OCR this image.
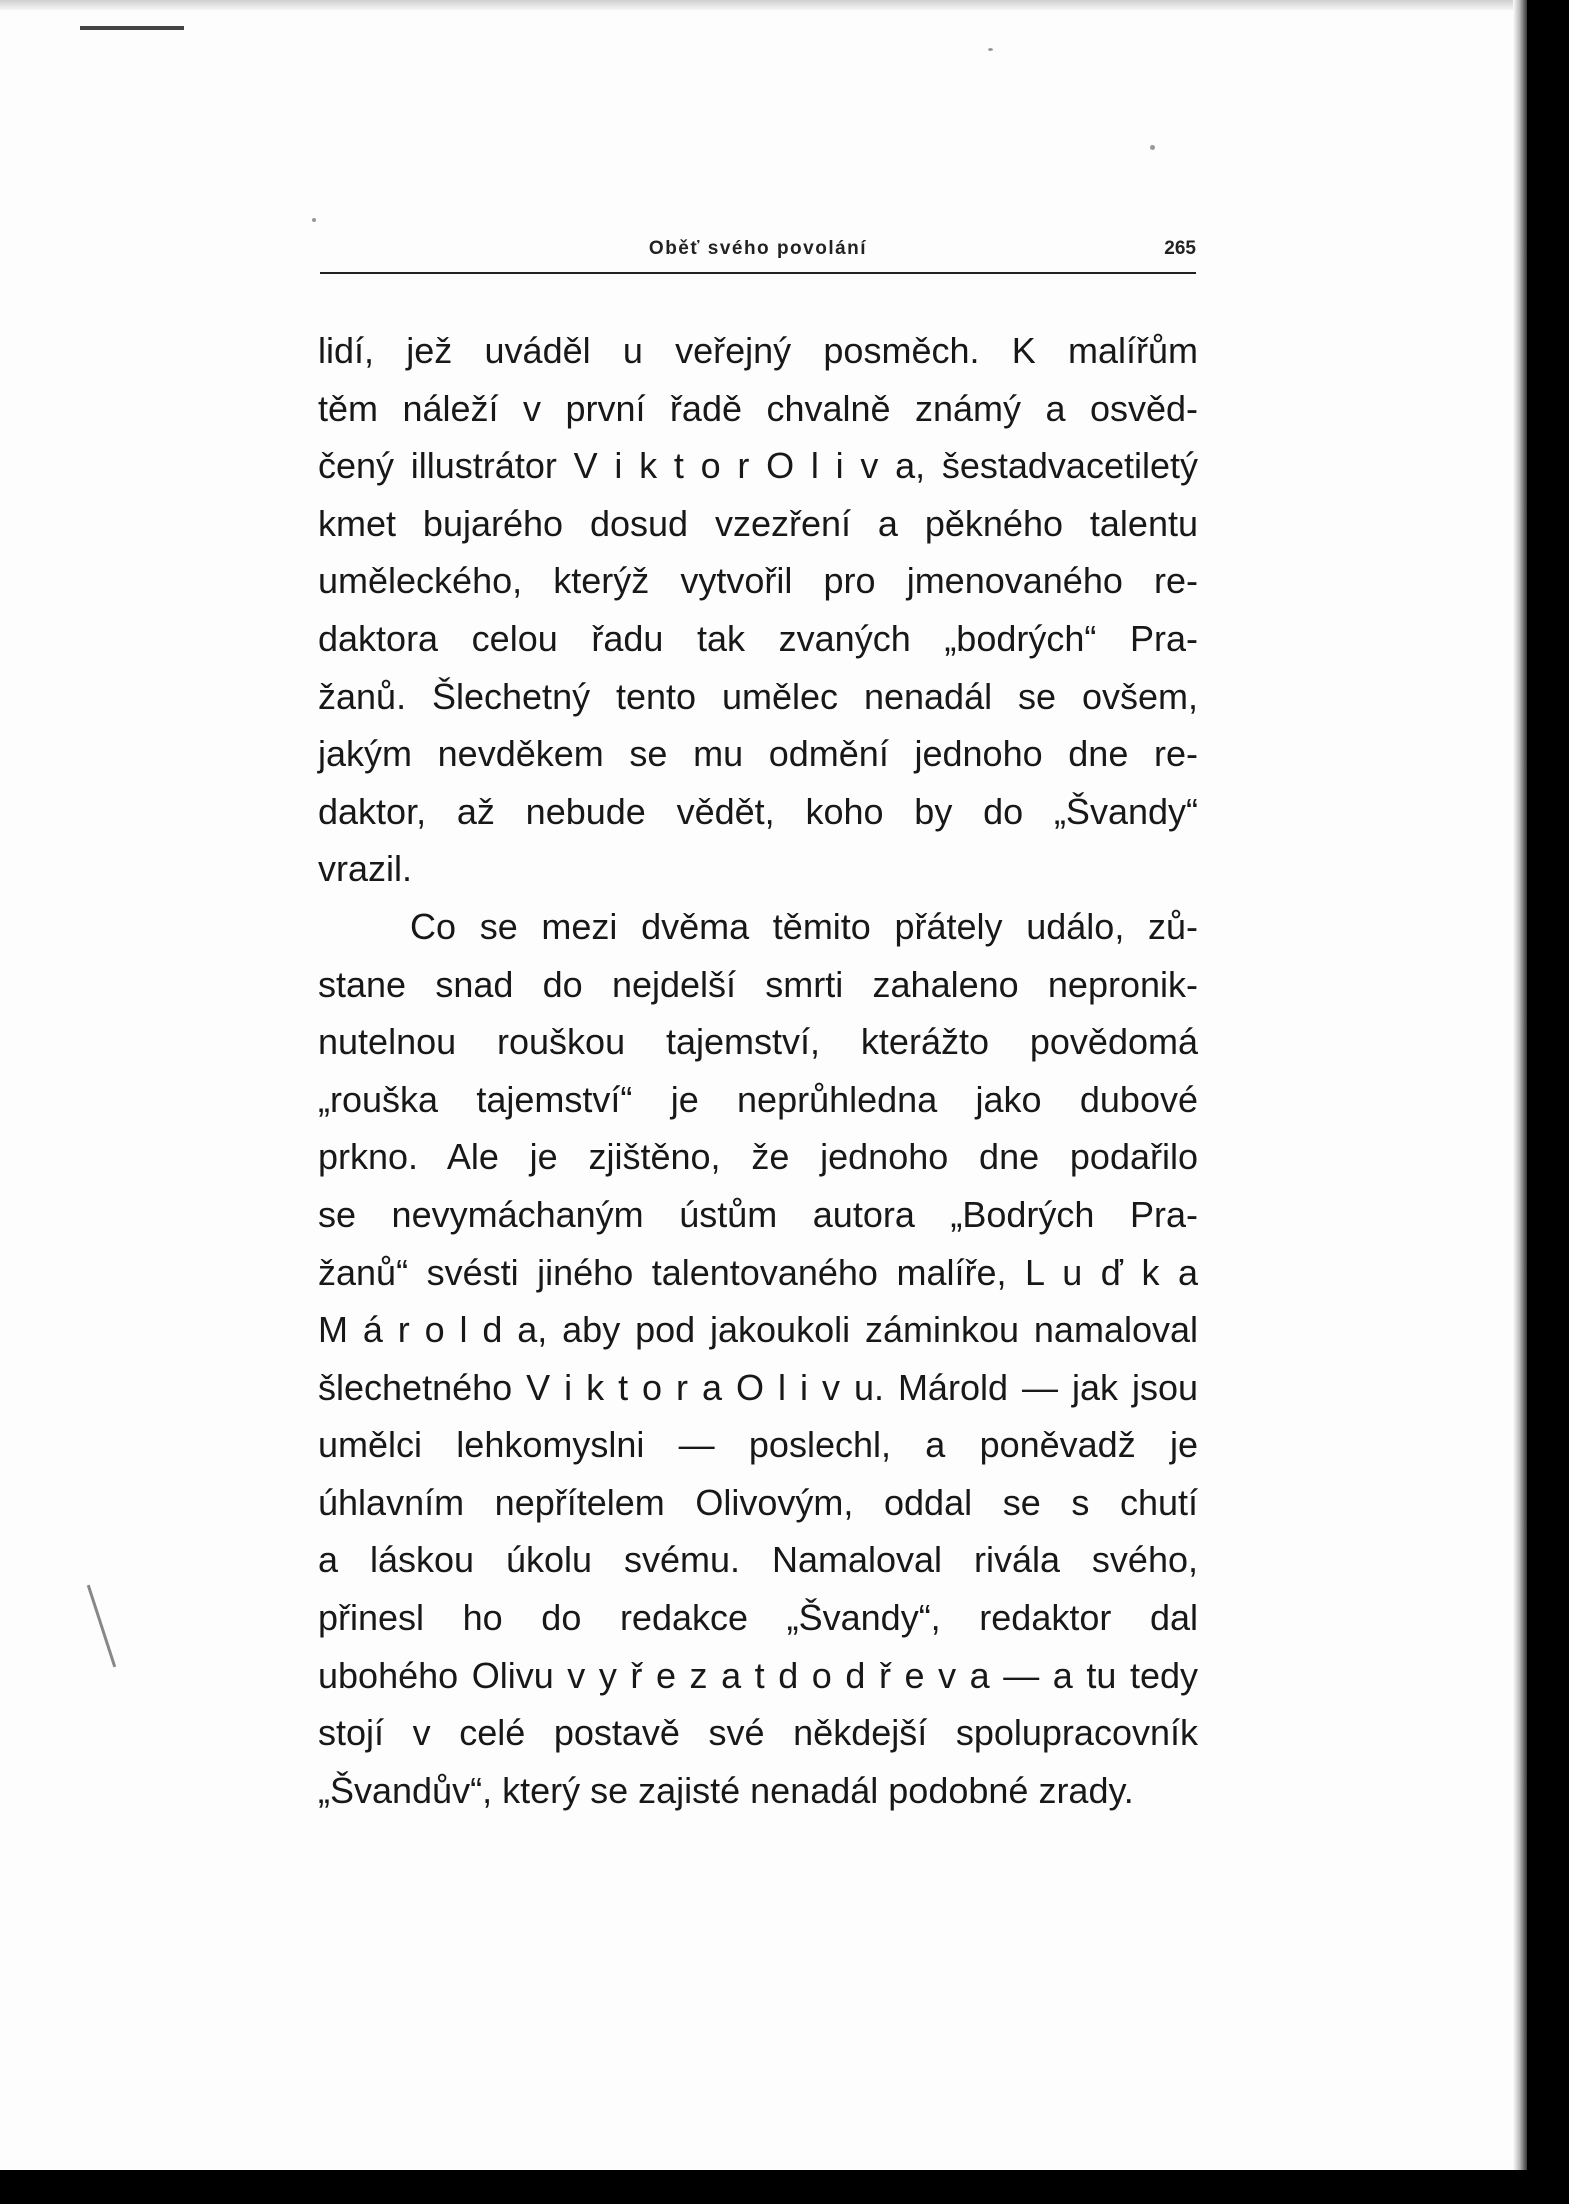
Oběť svého povolání	265
lidí, jež uváděl u veřejný posměch. K malířům
těm náleží v první řadě chvalně známý a osvěd-
čený illustrátor V i k t o r O l i v a, šestadvacetiletý
kmet bujarého dosud vzezření a pěkného talentu
uměleckého, kterýž vytvořil pro jmenovaného re-
daktora celou řadu tak zvaných „bodrých“ Pra-
žanů. Šlechetný tento umělec nenadál se ovšem,
jakým nevděkem se mu odmění jednoho dne re-
daktor, až nebude vědět, koho by do „Švandy“
vrazil.
Co se mezi dvěma těmito přátely událo, zů-
stane snad do nejdelší smrti zahaleno nepronik-
nutelnou rouškou tajemství, kterážto povědomá
„rouška tajemství“ je neprůhledna jako dubové
prkno. Ale je zjištěno, že jednoho dne podařilo
se nevymáchaným ústům autora „Bodrých Pra-
žanů“ svésti jiného talentovaného malíře, L u ď k a
M á r o l d a, aby pod jakoukoli záminkou namaloval
šlechetného V i k t o r a O l i v u. Márold — jak jsou
umělci lehkomyslni — poslechl, a poněvadž je
úhlavním nepřítelem Olivovým, oddal se s chutí
a láskou úkolu svému. Namaloval riválа svého,
přinesl ho do redakce „Švandy“, redaktor dal
ubohého Olivu v y ř e z a t d o d ř e v a — a tu tedy
stojí v celé postavě své někdejší spolupracovník
„Švandův“, který se zajisté nenadál podobné zrady.
